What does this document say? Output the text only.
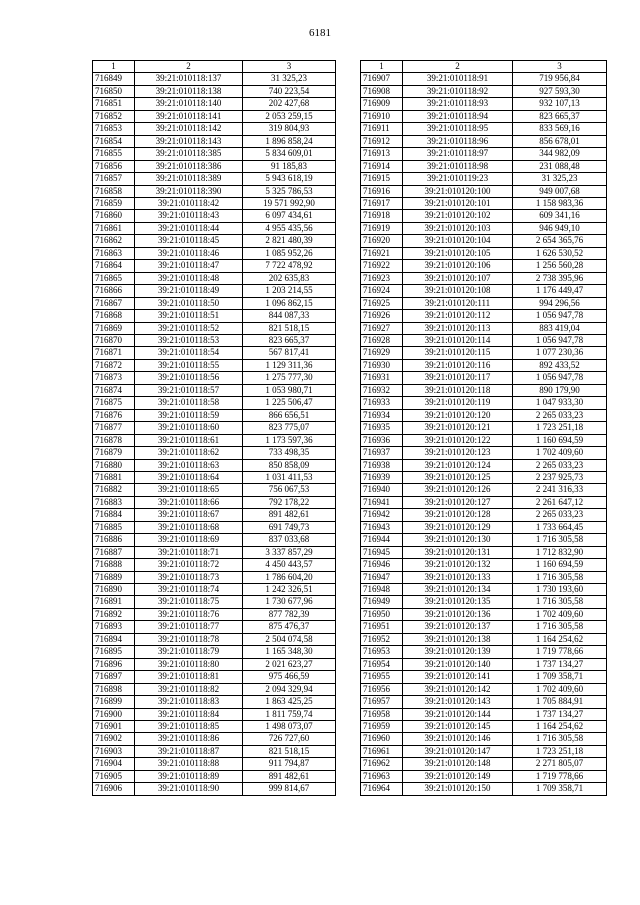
6181
1	2	3
716849	39:21:010118:137	31 325,23
716850	39:21:010118:138	740 223,54
716851	39:21:010118:140	202 427,68
716852	39:21:010118:141	2 053 259,15
716853	39:21:010118:142	319 804,93
716854	39:21:010118:143	1 896 858,24
716855	39:21:010118:385	5 834 609,01
716856	39:21:010118:386	91 185,83
716857	39:21:010118:389	5 943 618,19
716858	39:21:010118:390	5 325 786,53
716859	39:21:010118:42	19 571 992,90
716860	39:21:010118:43	6 097 434,61
716861	39:21:010118:44	4 955 435,56
716862	39:21:010118:45	2 821 480,39
716863	39:21:010118:46	1 085 952,26
716864	39:21:010118:47	7 722 478,92
716865	39:21:010118:48	202 635,83
716866	39:21:010118:49	1 203 214,55
716867	39:21:010118:50	1 096 862,15
716868	39:21:010118:51	844 087,33
716869	39:21:010118:52	821 518,15
716870	39:21:010118:53	823 665,37
716871	39:21:010118:54	567 817,41
716872	39:21:010118:55	1 129 311,36
716873	39:21:010118:56	1 275 777,30
716874	39:21:010118:57	1 053 980,71
716875	39:21:010118:58	1 225 506,47
716876	39:21:010118:59	866 656,51
716877	39:21:010118:60	823 775,07
716878	39:21:010118:61	1 173 597,36
716879	39:21:010118:62	733 498,35
716880	39:21:010118:63	850 858,09
716881	39:21:010118:64	1 031 411,53
716882	39:21:010118:65	756 067,53
716883	39:21:010118:66	792 178,22
716884	39:21:010118:67	891 482,61
716885	39:21:010118:68	691 749,73
716886	39:21:010118:69	837 033,68
716887	39:21:010118:71	3 337 857,29
716888	39:21:010118:72	4 450 443,57
716889	39:21:010118:73	1 786 604,20
716890	39:21:010118:74	1 242 326,51
716891	39:21:010118:75	1 730 677,96
716892	39:21:010118:76	877 782,39
716893	39:21:010118:77	875 476,37
716894	39:21:010118:78	2 504 074,58
716895	39:21:010118:79	1 165 348,30
716896	39:21:010118:80	2 021 623,27
716897	39:21:010118:81	975 466,59
716898	39:21:010118:82	2 094 329,94
716899	39:21:010118:83	1 863 425,25
716900	39:21:010118:84	1 811 759,74
716901	39:21:010118:85	1 498 073,07
716902	39:21:010118:86	726 727,60
716903	39:21:010118:87	821 518,15
716904	39:21:010118:88	911 794,87
716905	39:21:010118:89	891 482,61
716906	39:21:010118:90	999 814,67
1	2	3
716907	39:21:010118:91	719 956,84
716908	39:21:010118:92	927 593,30
716909	39:21:010118:93	932 107,13
716910	39:21:010118:94	823 665,37
716911	39:21:010118:95	833 569,16
716912	39:21:010118:96	856 678,01
716913	39:21:010118:97	344 982,09
716914	39:21:010118:98	231 088,48
716915	39:21:010119:23	31 325,23
716916	39:21:010120:100	949 007,68
716917	39:21:010120:101	1 158 983,36
716918	39:21:010120:102	609 341,16
716919	39:21:010120:103	946 949,10
716920	39:21:010120:104	2 654 365,76
716921	39:21:010120:105	1 626 530,52
716922	39:21:010120:106	1 256 560,28
716923	39:21:010120:107	2 738 395,96
716924	39:21:010120:108	1 176 449,47
716925	39:21:010120:111	994 296,56
716926	39:21:010120:112	1 056 947,78
716927	39:21:010120:113	883 419,04
716928	39:21:010120:114	1 056 947,78
716929	39:21:010120:115	1 077 230,36
716930	39:21:010120:116	892 433,52
716931	39:21:010120:117	1 056 947,78
716932	39:21:010120:118	890 179,90
716933	39:21:010120:119	1 047 933,30
716934	39:21:010120:120	2 265 033,23
716935	39:21:010120:121	1 723 251,18
716936	39:21:010120:122	1 160 694,59
716937	39:21:010120:123	1 702 409,60
716938	39:21:010120:124	2 265 033,23
716939	39:21:010120:125	2 237 925,73
716940	39:21:010120:126	2 241 316,33
716941	39:21:010120:127	2 261 647,12
716942	39:21:010120:128	2 265 033,23
716943	39:21:010120:129	1 733 664,45
716944	39:21:010120:130	1 716 305,58
716945	39:21:010120:131	1 712 832,90
716946	39:21:010120:132	1 160 694,59
716947	39:21:010120:133	1 716 305,58
716948	39:21:010120:134	1 730 193,60
716949	39:21:010120:135	1 716 305,58
716950	39:21:010120:136	1 702 409,60
716951	39:21:010120:137	1 716 305,58
716952	39:21:010120:138	1 164 254,62
716953	39:21:010120:139	1 719 778,66
716954	39:21:010120:140	1 737 134,27
716955	39:21:010120:141	1 709 358,71
716956	39:21:010120:142	1 702 409,60
716957	39:21:010120:143	1 705 884,91
716958	39:21:010120:144	1 737 134,27
716959	39:21:010120:145	1 164 254,62
716960	39:21:010120:146	1 716 305,58
716961	39:21:010120:147	1 723 251,18
716962	39:21:010120:148	2 271 805,07
716963	39:21:010120:149	1 719 778,66
716964	39:21:010120:150	1 709 358,71
